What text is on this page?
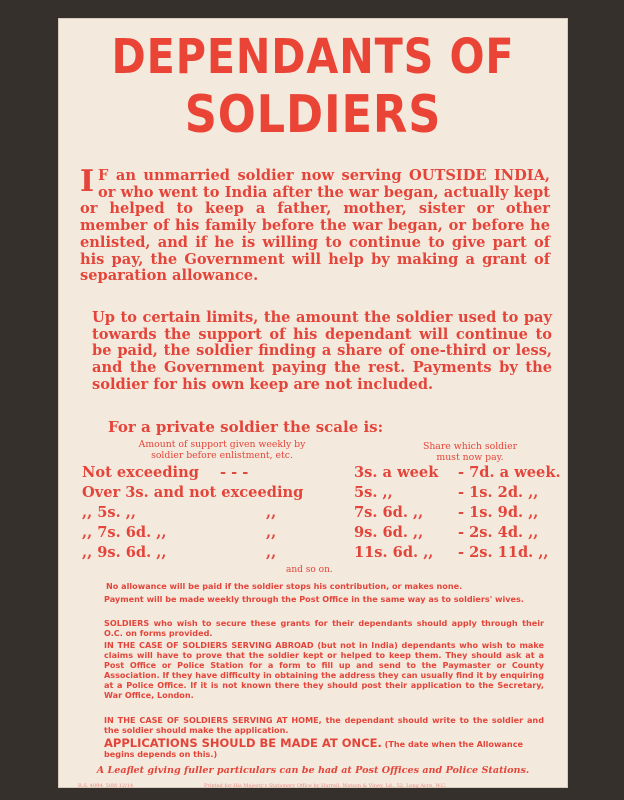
DEPENDANTS OF
SOLDIERS
I F an unmarried soldier now serving OUTSIDE INDIA, or who went to India after the war began, actually kept or helped to keep a father, mother, sister or other member of his family before the war began, or before he enlisted, and if he is willing to continue to give part of his pay, the Government will help by making a grant of separation allowance.
Up to certain limits, the amount the soldier used to pay towards the support of his dependant will continue to be paid, the soldier finding a share of one-third or less, and the Government paying the rest. Payments by the soldier for his own keep are not included.
For a private soldier the scale is:
Amount of support given weekly by soldier before enlistment, etc.
Share which soldier must now pay.
Not exceeding - - -	3s. a week - 7d. a week.
Over 3s. and not exceeding	5s. ,,	- 1s. 2d. ,,
,, 5s. ,,	,,	7s. 6d. ,, - 1s. 9d. ,,
,, 7s. 6d. ,,	,,	9s. 6d. ,, - 2s. 4d. ,,
,, 9s. 6d. ,,	,,	11s. 6d. ,, - 2s. 11d. ,,
and so on.
No allowance will be paid if the soldier stops his contribution, or makes none.
Payment will be made weekly through the Post Office in the same way as to soldiers' wives.
SOLDIERS who wish to secure these grants for their dependants should apply through their O.C. on forms provided.
IN THE CASE OF SOLDIERS SERVING ABROAD (but not in India) dependants who wish to make claims will have to prove that the soldier kept or helped to keep them. They should ask at a Post Office or Police Station for a form to fill up and send to the Paymaster or County Association. If they have difficulty in obtaining the address they can usually find it by enquiring at a Police Office. If it is not known there they should post their application to the Secretary, War Office, London.
IN THE CASE OF SOLDIERS SERVING AT HOME, the dependant should write to the soldier and the soldier should make the application.
APPLICATIONS SHOULD BE MADE AT ONCE. (The date when the Allowance begins depends on this.)
A Leaflet giving fuller particulars can be had at Post Offices and Police Stations.
R.S. 4094. 50M 12/14	Printed for His Majesty's Stationery Office by Harrell, Watson & Viney, Ld., 52, Long Acre, W.C.
